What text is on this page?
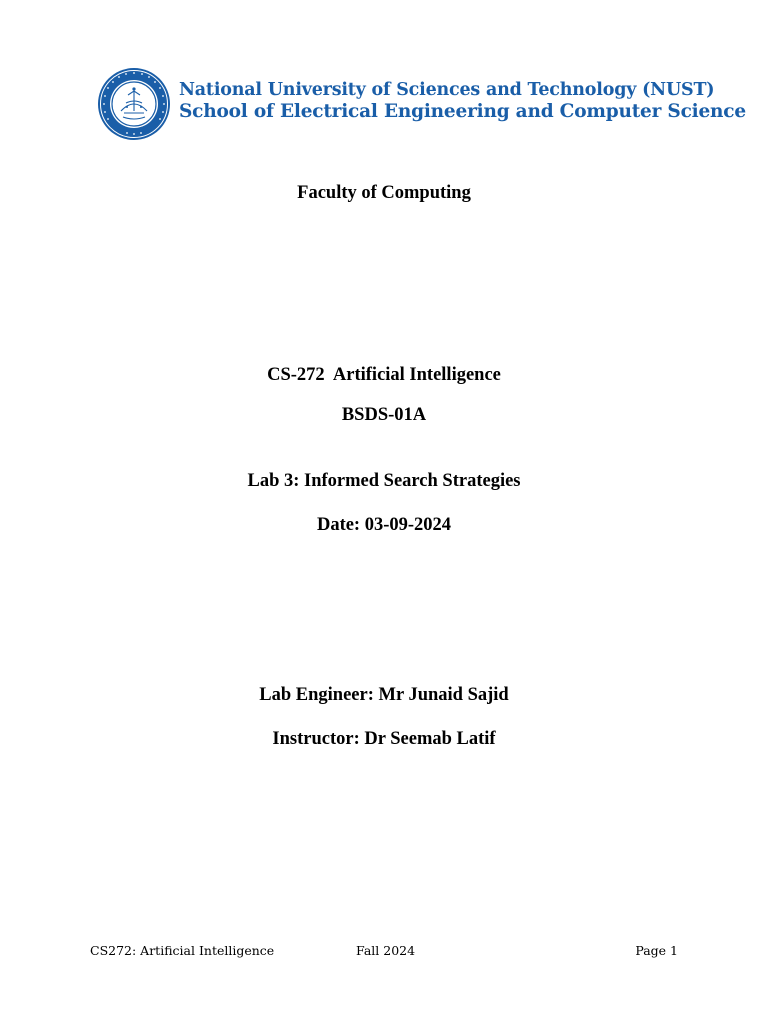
National University of Sciences and Technology (NUST)
School of Electrical Engineering and Computer Science
Faculty of Computing
CS-272  Artificial Intelligence
BSDS-01A
Lab 3: Informed Search Strategies
Date: 03-09-2024
Lab Engineer: Mr Junaid Sajid
Instructor: Dr Seemab Latif
CS272: Artificial Intelligence	Fall 2024	Page 1
